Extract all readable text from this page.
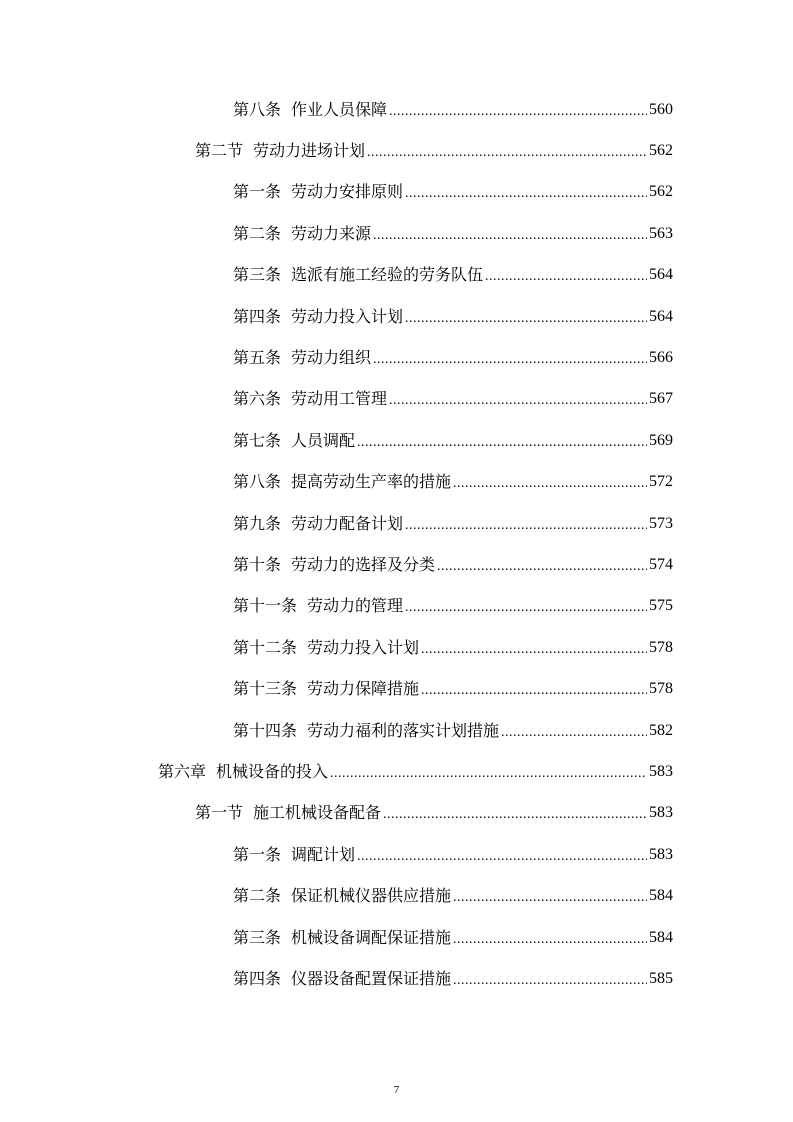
第八条 作业人员保障 .....	560
第二节 劳动力进场计划 .....	562
第一条 劳动力安排原则 .....	562
第二条 劳动力来源 .....	563
第三条 选派有施工经验的劳务队伍 .....	564
第四条 劳动力投入计划 .....	564
第五条 劳动力组织 .....	566
第六条 劳动用工管理 .....	567
第七条 人员调配 .....	569
第八条 提高劳动生产率的措施 .....	572
第九条 劳动力配备计划 .....	573
第十条 劳动力的选择及分类 .....	574
第十一条 劳动力的管理 .....	575
第十二条 劳动力投入计划 .....	578
第十三条 劳动力保障措施 .....	578
第十四条 劳动力福利的落实计划措施 .....	582
第六章 机械设备的投入 .....	583
第一节 施工机械设备配备 .....	583
第一条 调配计划 .....	583
第二条 保证机械仪器供应措施 .....	584
第三条 机械设备调配保证措施 .....	584
第四条 仪器设备配置保证措施 .....	585
7
